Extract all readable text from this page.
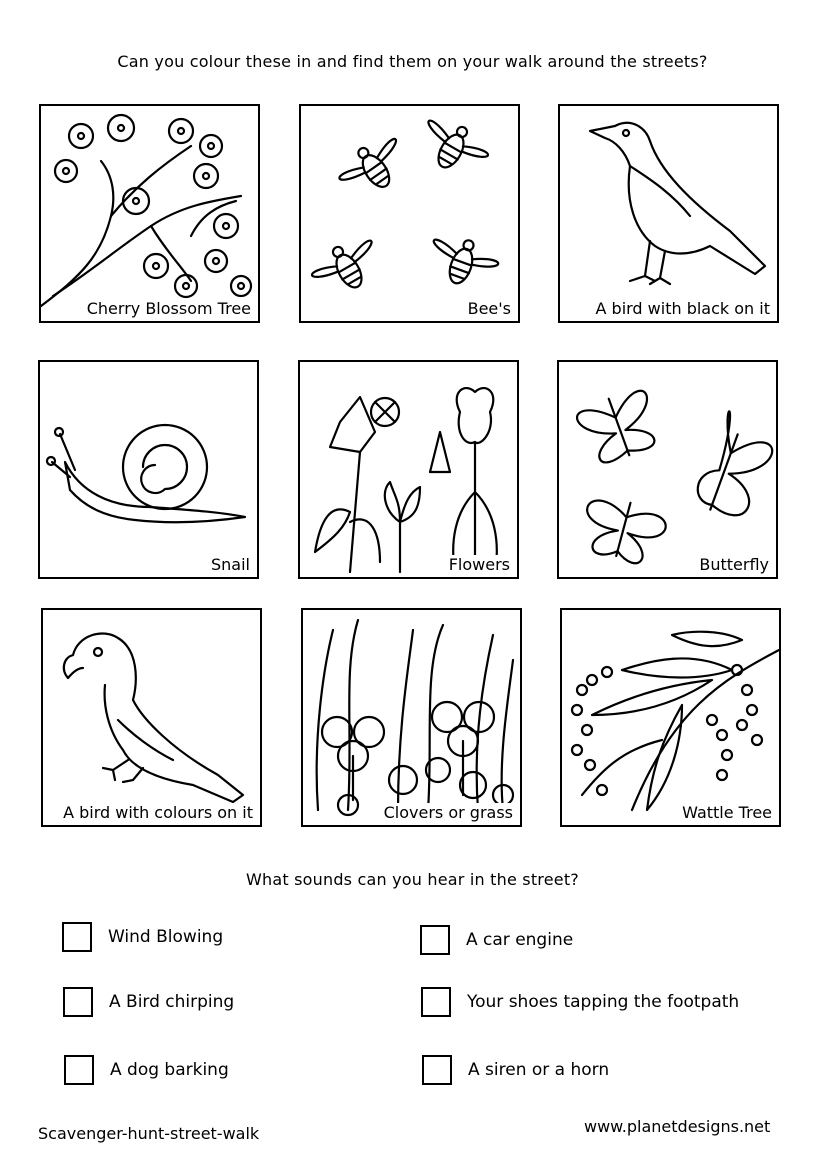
Can you colour these in and find them on your walk around the streets?
Cherry Blossom Tree	Bee's	A bird with black on it
Snail	Flowers	Butterfly
A bird with colours on it	Clovers or grass	Wattle Tree
What sounds can you hear in the street?
Wind Blowing	A car engine
A Bird chirping	Your shoes tapping the footpath
A dog barking	A siren or a horn
Scavenger-hunt-street-walk	www.planetdesigns.net
